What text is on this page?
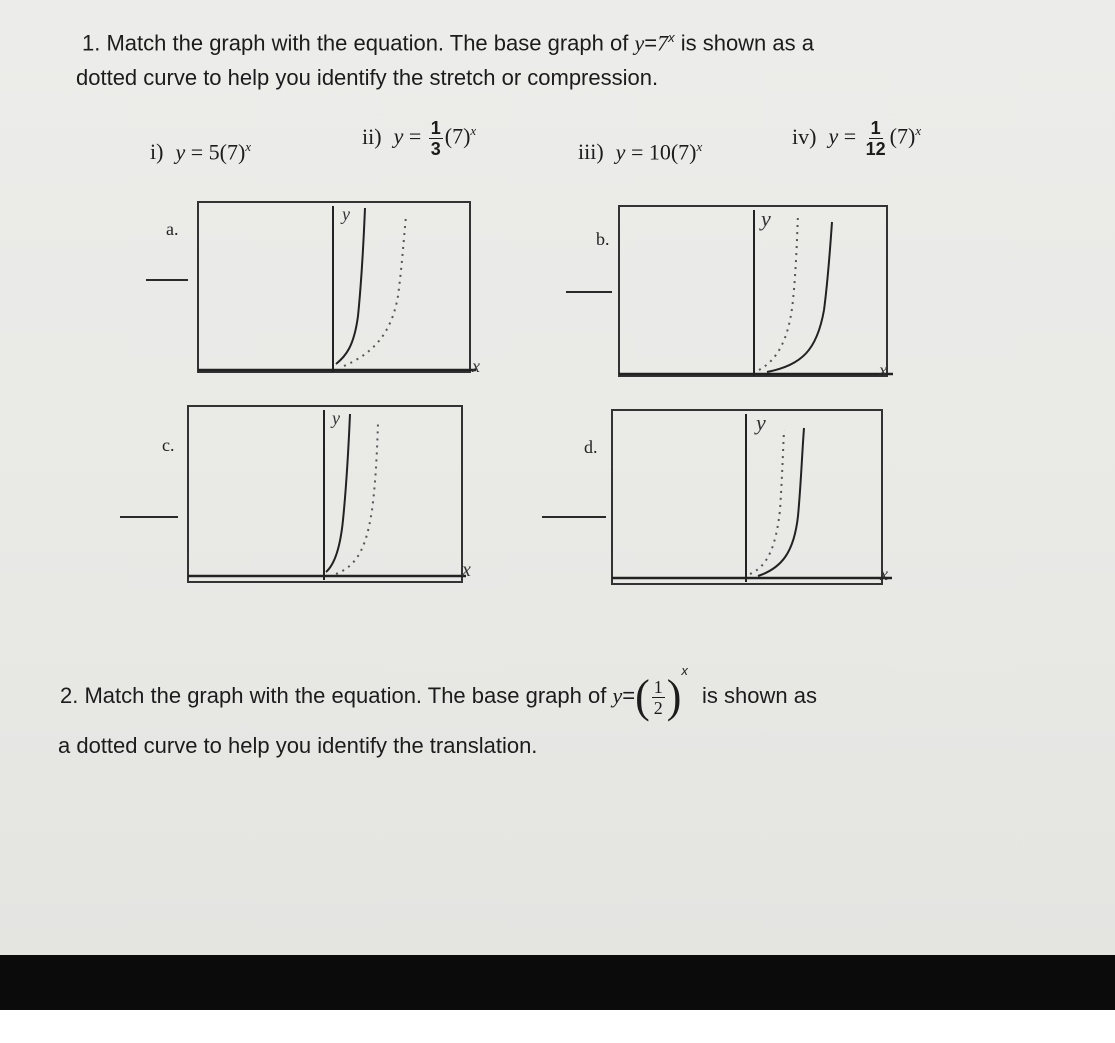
1. Match the graph with the equation. The base graph of $y=7^x$ is shown as a

dotted curve to help you identify the stretch or compression.

i) $y = 5(7)^x$	ii) $y = \frac{1}{3} (7)^x$
iii) $y = 10(7)^x$	iv) $y = \frac{1}{12} (7)^x$
a.
y
x
b.
y
x
c.
y
x
d.
y
x

2. Match the graph with the equation. The base graph of $y=( \frac{1}{2} )^x$ is shown as

a dotted curve to help you identify the translation.
